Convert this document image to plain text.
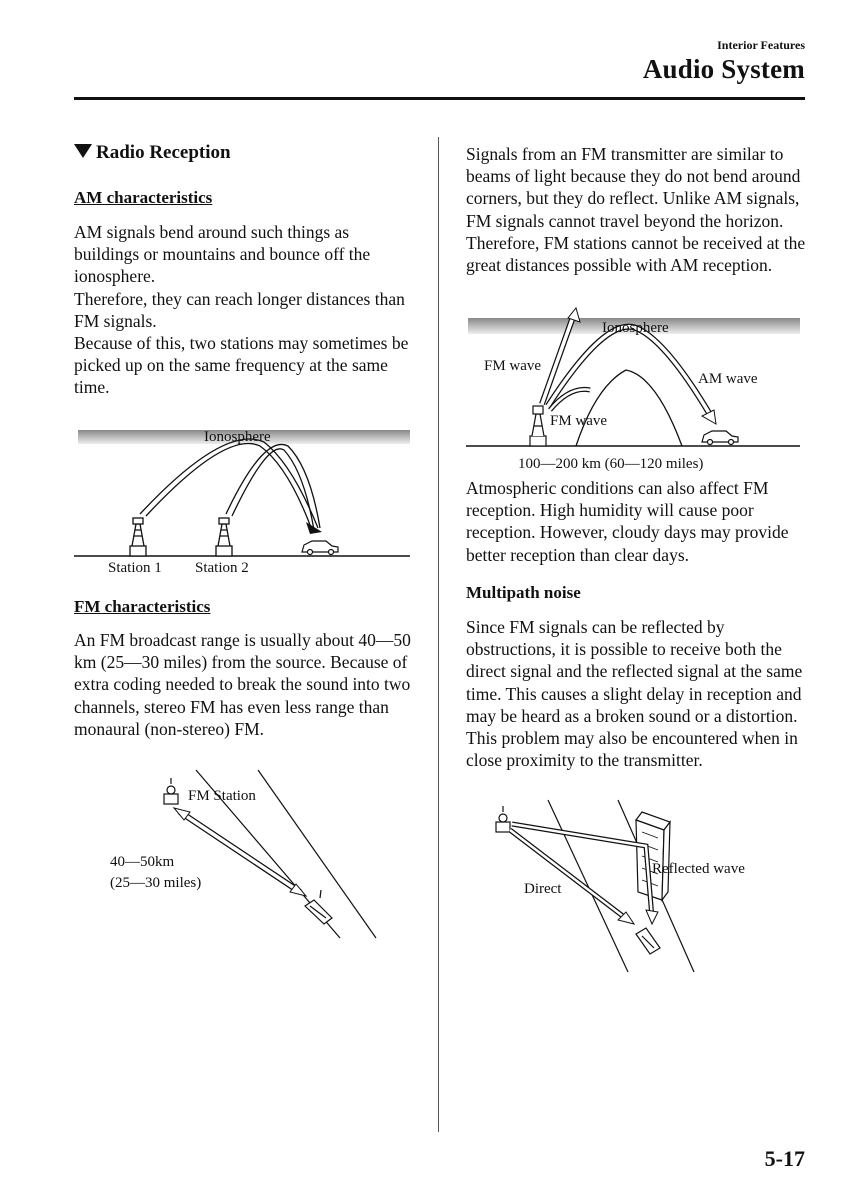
Interior Features
Audio System
Radio Reception

AM characteristics

AM signals bend around such things as buildings or mountains and bounce off the ionosphere.

Therefore, they can reach longer distances than FM signals.

Because of this, two stations may sometimes be picked up on the same frequency at the same time.

Ionosphere
Station 1 Station 2

FM characteristics

An FM broadcast range is usually about 40—50 km (25—30 miles) from the source. Because of extra coding needed to break the sound into two channels, stereo FM has even less range than monaural (non-stereo) FM.

FM Station
40—50km
(25—30 miles)

Signals from an FM transmitter are similar to beams of light because they do not bend around corners, but they do reflect. Unlike AM signals, FM signals cannot travel beyond the horizon. Therefore, FM stations cannot be received at the great distances possible with AM reception.

Ionosphere
FM wave
AM wave
FM wave
100—200 km (60—120 miles)

Atmospheric conditions can also affect FM reception. High humidity will cause poor reception. However, cloudy days may provide better reception than clear days.

Multipath noise

Since FM signals can be reflected by obstructions, it is possible to receive both the direct signal and the reflected signal at the same time. This causes a slight delay in reception and may be heard as a broken sound or a distortion. This problem may also be encountered when in close proximity to the transmitter.

Reflected wave
Direct
5-17
